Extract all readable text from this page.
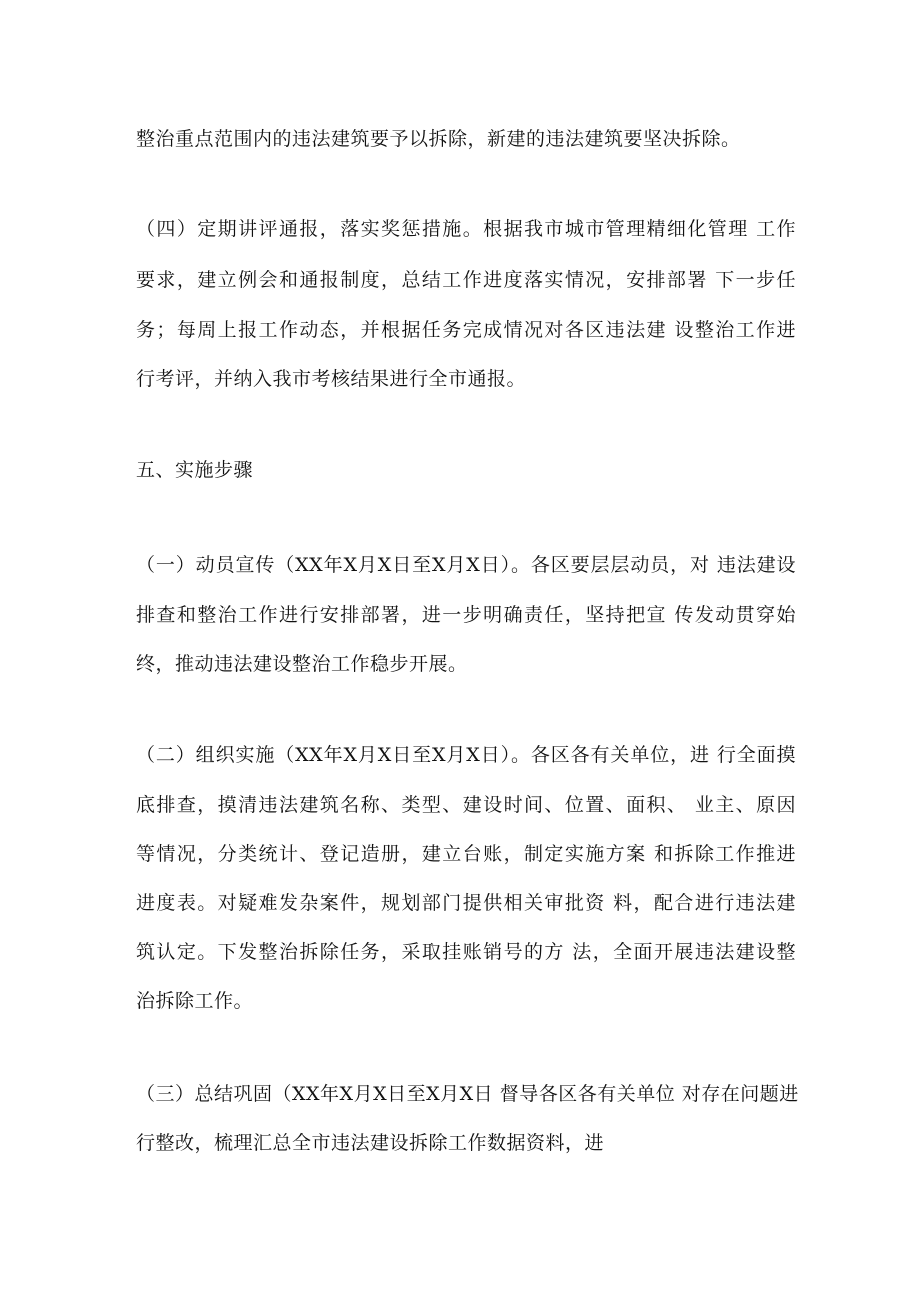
整治重点范围内的违法建筑要予以拆除，新建的违法建筑要坚决拆除。
（四）定期讲评通报，落实奖惩措施。根据我市城市管理精细化管理 工作
要求，建立例会和通报制度，总结工作进度落实情况，安排部署 下一步任
务；每周上报工作动态，并根据任务完成情况对各区违法建 设整治工作进
行考评，并纳入我市考核结果进行全市通报。
五、实施步骤
（一）动员宣传（XX年X月X日至X月X日）。各区要层层动员，对 违法建设
排查和整治工作进行安排部署，进一步明确责任，坚持把宣 传发动贯穿始
终，推动违法建设整治工作稳步开展。
（二）组织实施（XX年X月X日至X月X日）。各区各有关单位，进 行全面摸
底排查，摸清违法建筑名称、类型、建设时间、位置、面积、 业主、原因
等情况，分类统计、登记造册，建立台账，制定实施方案 和拆除工作推进
进度表。对疑难发杂案件，规划部门提供相关审批资 料，配合进行违法建
筑认定。下发整治拆除任务，采取挂账销号的方 法，全面开展违法建设整
治拆除工作。
（三）总结巩固（XX年X月X日至X月X日 督导各区各有关单位 对存在问题进
行整改，梳理汇总全市违法建设拆除工作数据资料，进
